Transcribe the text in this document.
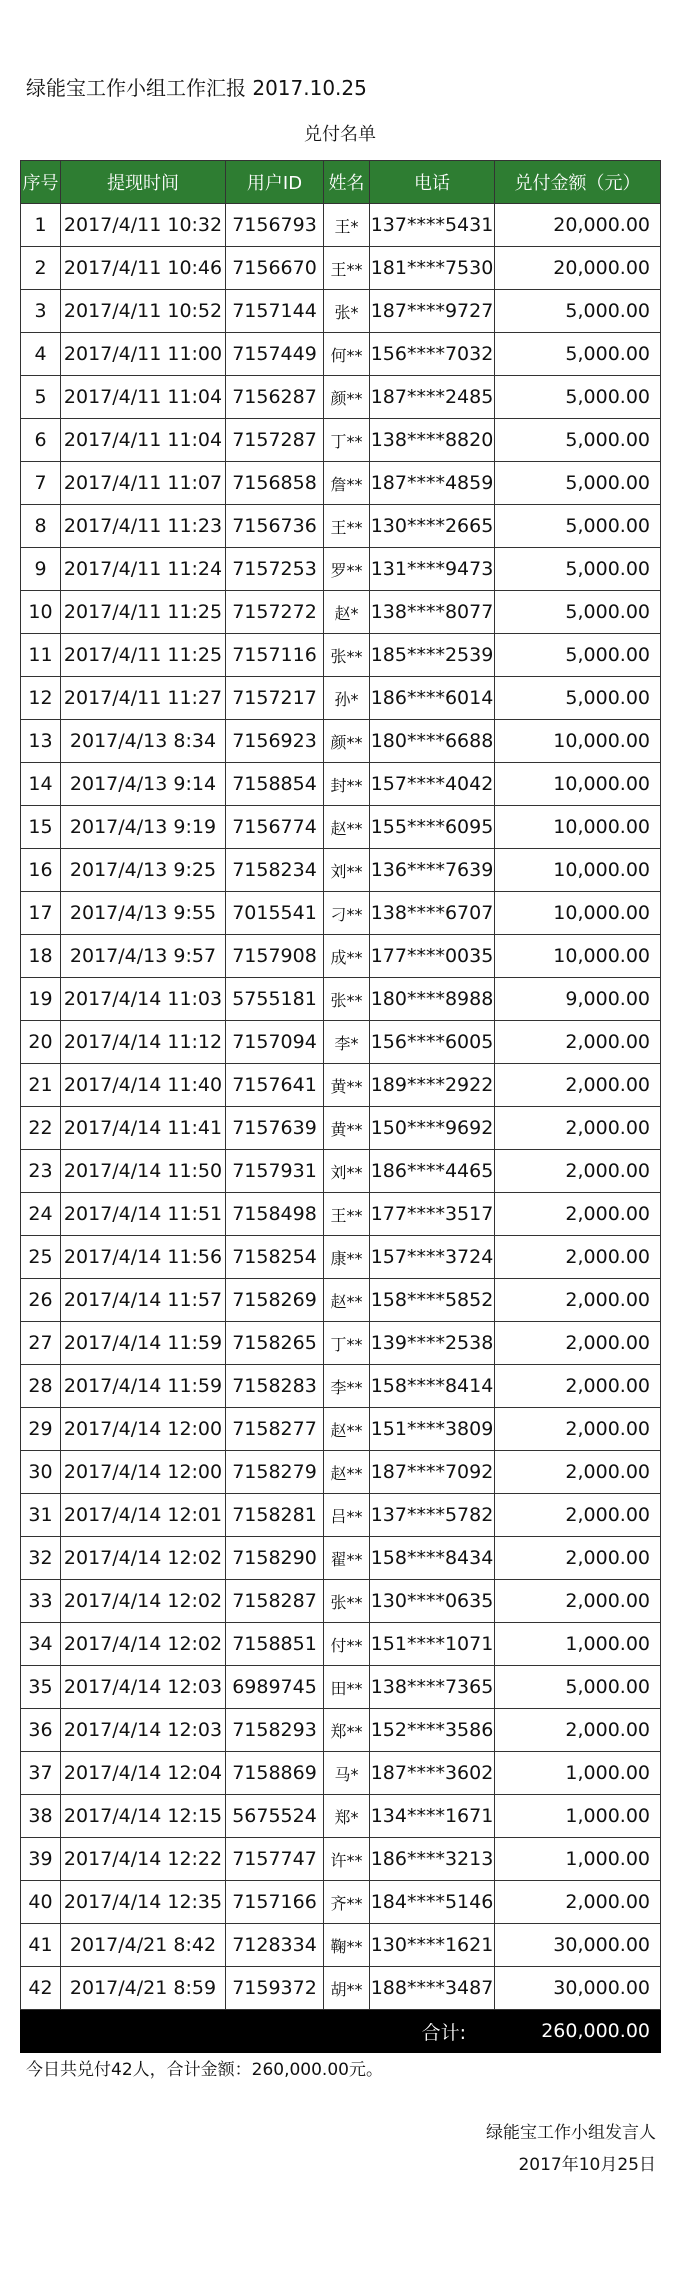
绿能宝工作小组工作汇报 2017.10.25
兑付名单
序号	提现时间	用户ID	姓名	电话	兑付金额（元）
1	2017/4/11 10:32	7156793	王*	137****5431	20,000.00
2	2017/4/11 10:46	7156670	王**	181****7530	20,000.00
3	2017/4/11 10:52	7157144	张*	187****9727	5,000.00
4	2017/4/11 11:00	7157449	何**	156****7032	5,000.00
5	2017/4/11 11:04	7156287	颜**	187****2485	5,000.00
6	2017/4/11 11:04	7157287	丁**	138****8820	5,000.00
7	2017/4/11 11:07	7156858	詹**	187****4859	5,000.00
8	2017/4/11 11:23	7156736	王**	130****2665	5,000.00
9	2017/4/11 11:24	7157253	罗**	131****9473	5,000.00
10	2017/4/11 11:25	7157272	赵*	138****8077	5,000.00
11	2017/4/11 11:25	7157116	张**	185****2539	5,000.00
12	2017/4/11 11:27	7157217	孙*	186****6014	5,000.00
13	2017/4/13 8:34	7156923	颜**	180****6688	10,000.00
14	2017/4/13 9:14	7158854	封**	157****4042	10,000.00
15	2017/4/13 9:19	7156774	赵**	155****6095	10,000.00
16	2017/4/13 9:25	7158234	刘**	136****7639	10,000.00
17	2017/4/13 9:55	7015541	刁**	138****6707	10,000.00
18	2017/4/13 9:57	7157908	成**	177****0035	10,000.00
19	2017/4/14 11:03	5755181	张**	180****8988	9,000.00
20	2017/4/14 11:12	7157094	李*	156****6005	2,000.00
21	2017/4/14 11:40	7157641	黄**	189****2922	2,000.00
22	2017/4/14 11:41	7157639	黄**	150****9692	2,000.00
23	2017/4/14 11:50	7157931	刘**	186****4465	2,000.00
24	2017/4/14 11:51	7158498	王**	177****3517	2,000.00
25	2017/4/14 11:56	7158254	康**	157****3724	2,000.00
26	2017/4/14 11:57	7158269	赵**	158****5852	2,000.00
27	2017/4/14 11:59	7158265	丁**	139****2538	2,000.00
28	2017/4/14 11:59	7158283	李**	158****8414	2,000.00
29	2017/4/14 12:00	7158277	赵**	151****3809	2,000.00
30	2017/4/14 12:00	7158279	赵**	187****7092	2,000.00
31	2017/4/14 12:01	7158281	吕**	137****5782	2,000.00
32	2017/4/14 12:02	7158290	翟**	158****8434	2,000.00
33	2017/4/14 12:02	7158287	张**	130****0635	2,000.00
34	2017/4/14 12:02	7158851	付**	151****1071	1,000.00
35	2017/4/14 12:03	6989745	田**	138****7365	5,000.00
36	2017/4/14 12:03	7158293	郑**	152****3586	2,000.00
37	2017/4/14 12:04	7158869	马*	187****3602	1,000.00
38	2017/4/14 12:15	5675524	郑*	134****1671	1,000.00
39	2017/4/14 12:22	7157747	许**	186****3213	1,000.00
40	2017/4/14 12:35	7157166	齐**	184****5146	2,000.00
41	2017/4/21 8:42	7128334	鞠**	130****1621	30,000.00
42	2017/4/21 8:59	7159372	胡**	188****3487	30,000.00
合计:					260,000.00
今日共兑付42人，合计金额：260,000.00元。
绿能宝工作小组发言人
2017年10月25日
